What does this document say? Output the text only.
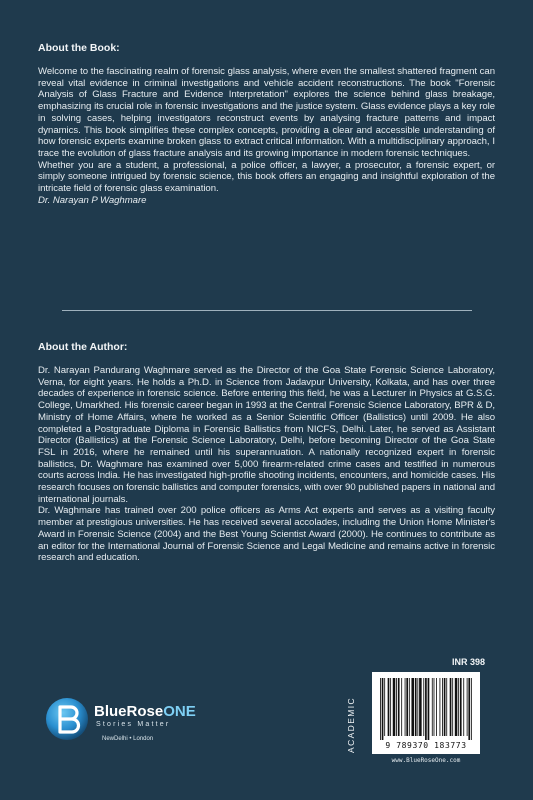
About the Book:
Welcome to the fascinating realm of forensic glass analysis, where even the smallest shattered fragment can reveal vital evidence in criminal investigations and vehicle accident reconstructions. The book "Forensic Analysis of Glass Fracture and Evidence Interpretation" explores the science behind glass breakage, emphasizing its crucial role in forensic investigations and the justice system. Glass evidence plays a key role in solving cases, helping investigators reconstruct events by analysing fracture patterns and impact dynamics. This book simplifies these complex concepts, providing a clear and accessible understanding of how forensic experts examine broken glass to extract critical information. With a multidisciplinary approach, I trace the evolution of glass fracture analysis and its growing importance in modern forensic techniques.
Whether you are a student, a professional, a police officer, a lawyer, a prosecutor, a forensic expert, or simply someone intrigued by forensic science, this book offers an engaging and insightful exploration of the intricate field of forensic glass examination.
Dr. Narayan P Waghmare
About the Author:
Dr. Narayan Pandurang Waghmare served as the Director of the Goa State Forensic Science Laboratory, Verna, for eight years. He holds a Ph.D. in Science from Jadavpur University, Kolkata, and has over three decades of experience in forensic science. Before entering this field, he was a Lecturer in Physics at G.S.G. College, Umarkhed. His forensic career began in 1993 at the Central Forensic Science Laboratory, BPR & D, Ministry of Home Affairs, where he worked as a Senior Scientific Officer (Ballistics) until 2009. He also completed a Postgraduate Diploma in Forensic Ballistics from NICFS, Delhi. Later, he served as Assistant Director (Ballistics) at the Forensic Science Laboratory, Delhi, before becoming Director of the Goa State FSL in 2016, where he remained until his superannuation. A nationally recognized expert in forensic ballistics, Dr. Waghmare has examined over 5,000 firearm-related crime cases and testified in numerous courts across India. He has investigated high-profile shooting incidents, encounters, and homicide cases. His research focuses on forensic ballistics and computer forensics, with over 90 published papers in national and international journals.
Dr. Waghmare has trained over 200 police officers as Arms Act experts and serves as a visiting faculty member at prestigious universities. He has received several accolades, including the Union Home Minister's Award in Forensic Science (2004) and the Best Young Scientist Award (2000). He continues to contribute as an editor for the International Journal of Forensic Science and Legal Medicine and remains active in forensic research and education.
BlueRoseONE
Stories Matter
NewDelhi • London
INR 398
ACADEMIC	9 789370 183773
www.BlueRoseOne.com
